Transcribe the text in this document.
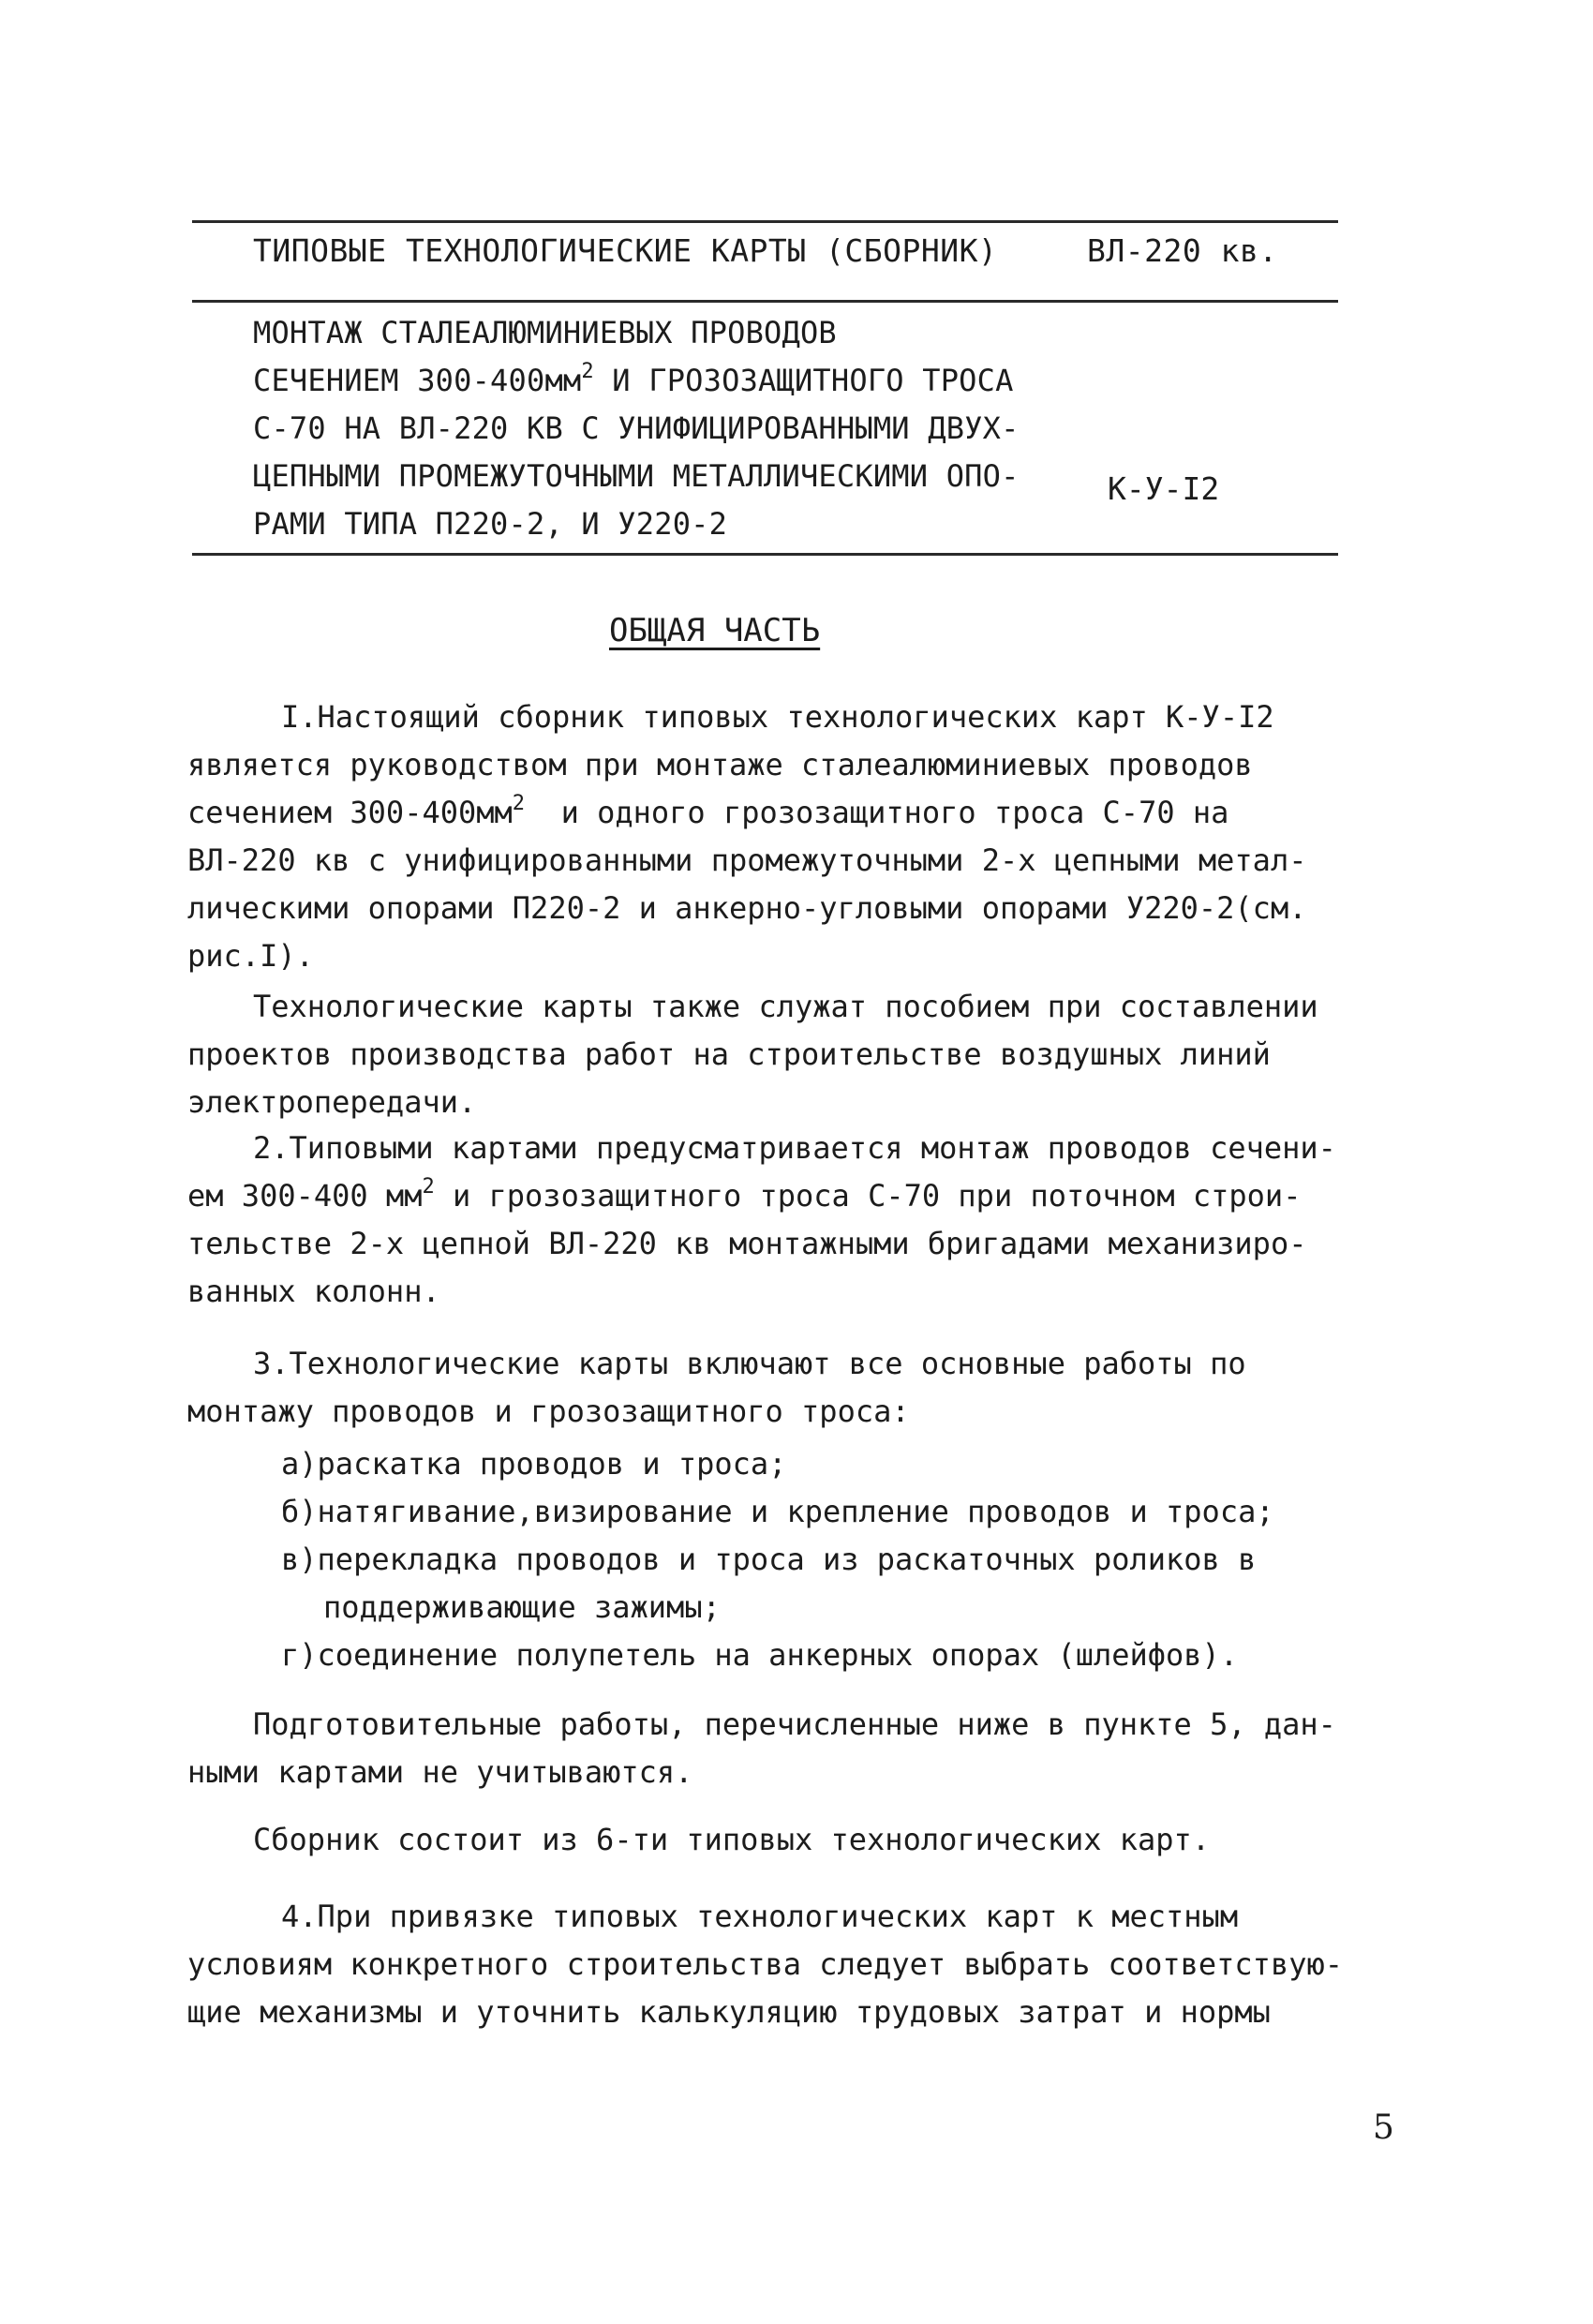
ТИПОВЫЕ ТЕХНОЛОГИЧЕСКИЕ КАРТЫ (СБОРНИК)	ВЛ-220 кв.
МОНТАЖ СТАЛЕАЛЮМИНИЕВЫХ ПРОВОДОВ
СЕЧЕНИЕМ $300-400мм^2$ И ГРОЗОЗАЩИТНОГО ТРОСА
С-70 НА ВЛ-220 КВ С УНИФИЦИРОВАННЫМИ ДВУХ-
ЦЕПНЫМИ ПРОМЕЖУТОЧНЫМИ МЕТАЛЛИЧЕСКИМИ ОПО-
РАМИ ТИПА П220-2, И У220-2
К-У-I2
ОБЩАЯ ЧАСТЬ
I.Настоящий сборник типовых технологических карт К-У-I2
является руководством при монтаже сталеалюминиевых проводов
сечением $300-400мм^2$  и одного грозозащитного троса С-70 на
ВЛ-220 кв с унифицированными промежуточными 2-х цепными метал-
лическими опорами П220-2 и анкерно-угловыми опорами У220-2(см.
рис.I).
Технологические карты также служат пособием при составлении
проектов производства работ на строительстве воздушных линий
электропередачи.
2.Типовыми картами предусматривается монтаж проводов сечени-
ем 300-400 $мм^2$ и грозозащитного троса С-70 при поточном строи-
тельстве 2-х цепной ВЛ-220 кв монтажными бригадами механизиро-
ванных колонн.
3.Технологические карты включают все основные работы по
монтажу проводов и грозозащитного троса:
а)раскатка проводов и троса;
б)натягивание,визирование и крепление проводов и троса;
в)перекладка проводов и троса из раскаточных роликов в
поддерживающие зажимы;
г)соединение полупетель на анкерных опорах (шлейфов).
Подготовительные работы, перечисленные ниже в пункте 5, дан-
ными картами не учитываются.
Сборник состоит из 6-ти типовых технологических карт.
4.При привязке типовых технологических карт к местным
условиям конкретного строительства следует выбрать соответствую-
щие механизмы и уточнить калькуляцию трудовых затрат и нормы
5
